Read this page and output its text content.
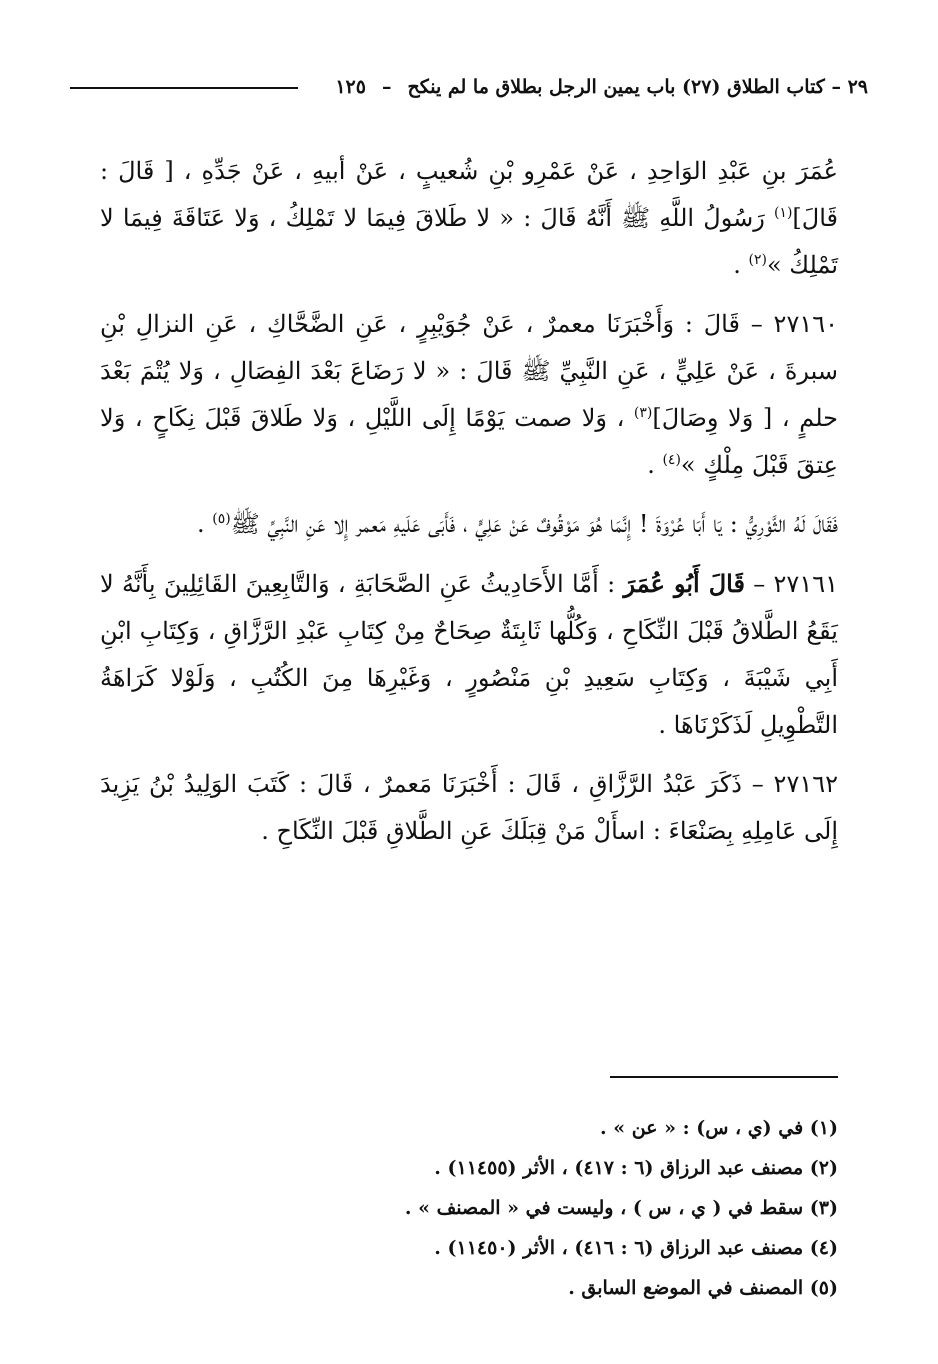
٢٩ – كتاب الطلاق (٢٧) باب يمين الرجل بطلاق ما لم ينكح
–
١٢٥

عُمَرَ بنِ عَبْدِ الوَاحِدِ ، عَنْ عَمْرِو بْنِ شُعيبٍ ، عَنْ أبيهِ ، عَنْ جَدِّهِ ، [ قَالَ : قَالَ]$^{(١)}$ رَسُولُ اللَّهِ ﷺ أَنَّهُ قَالَ : « لا طَلاقَ فِيمَا لا تَمْلِكُ ، وَلا عَتَاقَةَ فِيمَا لا تَمْلِكُ »$^{(٢)}$ .

٢٧١٦٠ – قَالَ : وَأَخْبَرَنَا معمرٌ ، عَنْ جُوَيْبِرٍ ، عَنِ الضَّحَّاكِ ، عَنِ النزالِ بْنِ سبرةَ ، عَنْ عَلِيٍّ ، عَنِ النَّبِيِّ ﷺ قَالَ : « لا رَضَاعَ بَعْدَ الفِصَالِ ، وَلا يُتْمَ بَعْدَ حلمٍ ، [ وَلا وِصَالَ]$^{(٣)}$ ، وَلا صمت يَوْمًا إِلَى اللَّيْلِ ، وَلا طَلاقَ قَبْلَ نِكَاحٍ ، وَلا عِتقَ قَبْلَ مِلْكٍ »$^{(٤)}$ .

فَقَالَ لَهُ الثَّوْرِيُّ : يَا أَبَا عُرْوَةَ ! إِنَّمَا هُوَ مَوْقُوفٌ عَنْ عَلِيٍّ ، فَأَبَى عَلَيهِ مَعمر إِلا عَنِ النَّبِيِّ ﷺ$^{(٥)}$ .

٢٧١٦١ – قَالَ أَبُو عُمَرَ : أَمَّا الأَحَادِيثُ عَنِ الصَّحَابَةِ ، وَالتَّابِعِينَ القَائِلِينَ بِأَنَّهُ لا يَقَعُ الطَّلاقُ قَبْلَ النِّكَاحِ ، وَكُلُّها ثَابِتَةٌ صِحَاحٌ مِنْ كِتَابِ عَبْدِ الرَّزَّاقِ ، وَكِتَابِ ابْنِ أَبِي شَيْبَةَ ، وَكِتَابِ سَعِيدِ بْنِ مَنْصُورٍ ، وَغَيْرِهَا مِنَ الكُتُبِ ، وَلَوْلا كَرَاهَةُ التَّطْوِيلِ لَذَكَرْنَاهَا .

٢٧١٦٢ – ذَكَرَ عَبْدُ الرَّزَّاقِ ، قَالَ : أَخْبَرَنَا مَعمرٌ ، قَالَ : كَتَبَ الوَلِيدُ بْنُ يَزِيدَ إِلَى عَامِلِهِ بِصَنْعَاءَ : اسأَلْ مَنْ قِبَلَكَ عَنِ الطَّلاقِ قَبْلَ النِّكَاحِ .

(١) في (ي ، س) : « عن » .

(٢) مصنف عبد الرزاق (٦ : ٤١٧) ، الأثر (١١٤٥٥) .

(٣) سقط في ( ي ، س ) ، وليست في « المصنف » .

(٤) مصنف عبد الرزاق (٦ : ٤١٦) ، الأثر (١١٤٥٠) .

(٥) المصنف في الموضع السابق .
